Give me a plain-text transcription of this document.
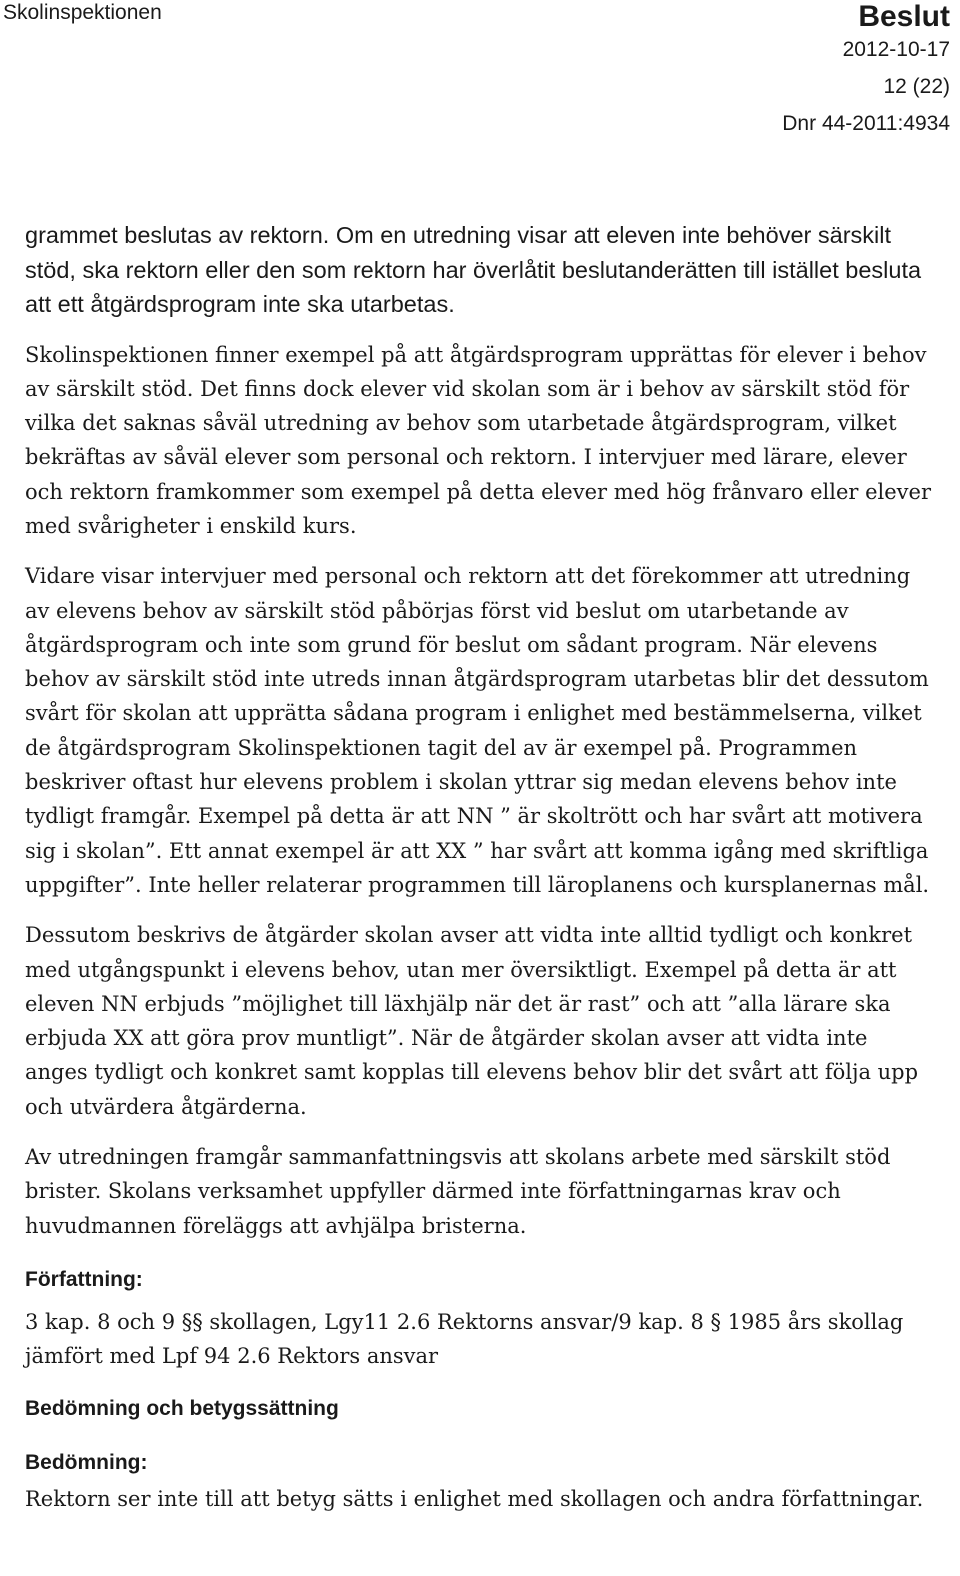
Skolinspektionen	Beslut
2012-10-17
12 (22)
Dnr 44-2011:4934

grammet beslutas av rektorn. Om en utredning visar att eleven inte behöver särskilt stöd, ska rektorn eller den som rektorn har överlåtit beslutanderätten till istället besluta att ett åtgärdsprogram inte ska utarbetas.

Skolinspektionen finner exempel på att åtgärdsprogram upprättas för elever i behov av särskilt stöd. Det finns dock elever vid skolan som är i behov av särskilt stöd för vilka det saknas såväl utredning av behov som utarbetade åtgärdsprogram, vilket bekräftas av såväl elever som personal och rektorn. I intervjuer med lärare, elever och rektorn framkommer som exempel på detta elever med hög frånvaro eller elever med svårigheter i enskild kurs.

Vidare visar intervjuer med personal och rektorn att det förekommer att utredning av elevens behov av särskilt stöd påbörjas först vid beslut om utarbetande av åtgärdsprogram och inte som grund för beslut om sådant program. När elevens behov av särskilt stöd inte utreds innan åtgärdsprogram utarbetas blir det dessutom svårt för skolan att upprätta sådana program i enlighet med bestämmelserna, vilket de åtgärdsprogram Skolinspektionen tagit del av är exempel på. Programmen beskriver oftast hur elevens problem i skolan yttrar sig medan elevens behov inte tydligt framgår. Exempel på detta är att NN ” är skoltrött och har svårt att motivera sig i skolan”. Ett annat exempel är att XX ” har svårt att komma igång med skriftliga uppgifter”. Inte heller relaterar programmen till läroplanens och kursplanernas mål.

Dessutom beskrivs de åtgärder skolan avser att vidta inte alltid tydligt och konkret med utgångspunkt i elevens behov, utan mer översiktligt. Exempel på detta är att eleven NN erbjuds ”möjlighet till läxhjälp när det är rast” och att ”alla lärare ska erbjuda XX att göra prov muntligt”. När de åtgärder skolan avser att vidta inte anges tydligt och konkret samt kopplas till elevens behov blir det svårt att följa upp och utvärdera åtgärderna.

Av utredningen framgår sammanfattningsvis att skolans arbete med särskilt stöd brister. Skolans verksamhet uppfyller därmed inte författningarnas krav och huvudmannen föreläggs att avhjälpa bristerna.

Författning:

3 kap. 8 och 9 §§ skollagen, Lgy11 2.6 Rektorns ansvar/9 kap. 8 § 1985 års skollag jämfört med Lpf 94 2.6 Rektors ansvar

Bedömning och betygssättning

Bedömning:

Rektorn ser inte till att betyg sätts i enlighet med skollagen och andra författningar.
